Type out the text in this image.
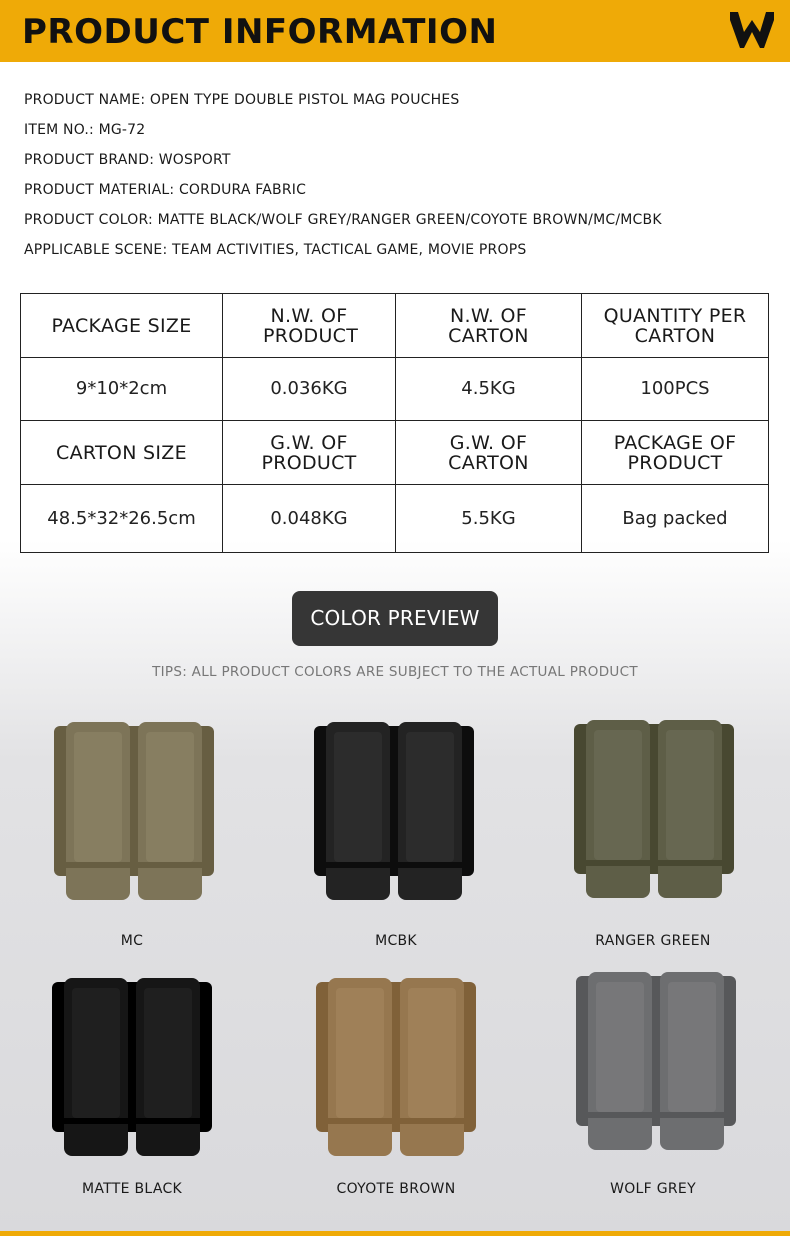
PRODUCT INFORMATION
PRODUCT NAME: OPEN TYPE DOUBLE PISTOL MAG POUCHES
ITEM NO.: MG-72
PRODUCT BRAND: WOSPORT
PRODUCT MATERIAL: CORDURA FABRIC
PRODUCT COLOR: MATTE BLACK/WOLF GREY/RANGER GREEN/COYOTE BROWN/MC/MCBK
APPLICABLE SCENE: TEAM ACTIVITIES, TACTICAL GAME, MOVIE PROPS
PACKAGE SIZE	N.W. OF PRODUCT	N.W. OF CARTON	QUANTITY PER CARTON
9*10*2cm	0.036KG	4.5KG	100PCS
CARTON SIZE	G.W. OF PRODUCT	G.W. OF CARTON	PACKAGE OF PRODUCT
48.5*32*26.5cm	0.048KG	5.5KG	Bag packed
COLOR PREVIEW
TIPS: ALL PRODUCT COLORS ARE SUBJECT TO THE ACTUAL PRODUCT
MC	MCBK	RANGER GREEN
MATTE BLACK	COYOTE BROWN	WOLF GREY
